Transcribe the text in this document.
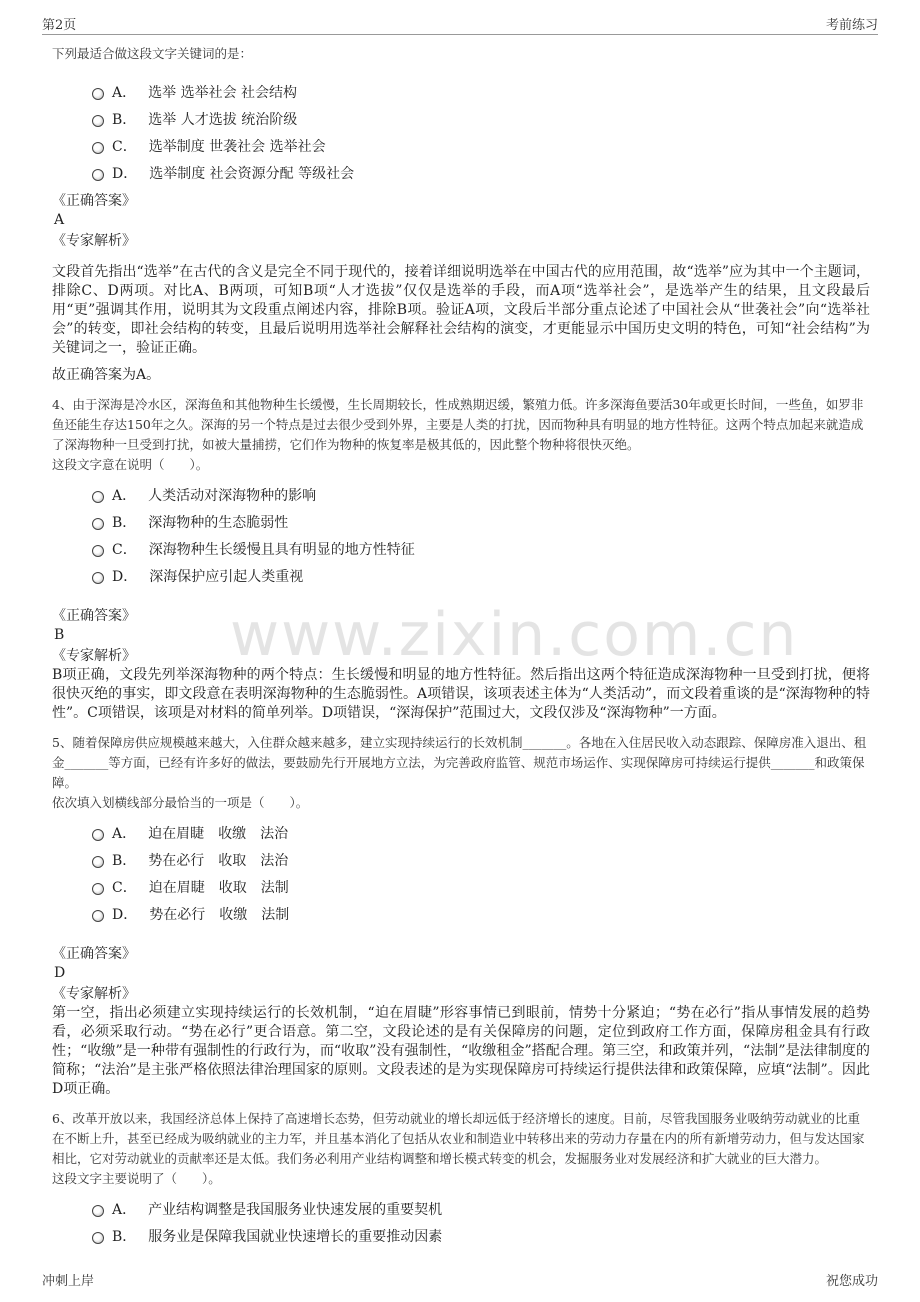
第2页	考前练习
www.zixin.com.cn
下列最适合做这段文字关键词的是：
A． 选举 选举社会 社会结构
B． 选举 人才选拔 统治阶级
C． 选举制度 世袭社会 选举社会
D． 选举制度 社会资源分配 等级社会
《正确答案》
A
《专家解析》
文段首先指出“选举”在古代的含义是完全不同于现代的，接着详细说明选举在中国古代的应用范围，故“选举”应为其中一个主题词，排除C、D两项。对比A、B两项，可知B项“人才选拔”仅仅是选举的手段，而A项“选举社会”，是选举产生的结果，且文段最后用“更”强调其作用，说明其为文段重点阐述内容，排除B项。验证A项，文段后半部分重点论述了中国社会从“世袭社会”向“选举社会”的转变，即社会结构的转变，且最后说明用选举社会解释社会结构的演变，才更能显示中国历史文明的特色，可知“社会结构”为关键词之一，验证正确。
故正确答案为A。
4、由于深海是冷水区，深海鱼和其他物种生长缓慢，生长周期较长，性成熟期迟缓，繁殖力低。许多深海鱼要活30年或更长时间，一些鱼，如罗非鱼还能生存达150年之久。深海的另一个特点是过去很少受到外界，主要是人类的打扰，因而物种具有明显的地方性特征。这两个特点加起来就造成了深海物种一旦受到打扰，如被大量捕捞，它们作为物种的恢复率是极其低的，因此整个物种将很快灭绝。
这段文字意在说明（　　）。
A． 人类活动对深海物种的影响
B． 深海物种的生态脆弱性
C． 深海物种生长缓慢且具有明显的地方性特征
D． 深海保护应引起人类重视
《正确答案》
B
《专家解析》
B项正确，文段先列举深海物种的两个特点：生长缓慢和明显的地方性特征。然后指出这两个特征造成深海物种一旦受到打扰，便将很快灭绝的事实，即文段意在表明深海物种的生态脆弱性。A项错误，该项表述主体为“人类活动”，而文段着重谈的是“深海物种的特性”。C项错误，该项是对材料的简单列举。D项错误，“深海保护”范围过大，文段仅涉及“深海物种”一方面。
5、随着保障房供应规模越来越大，入住群众越来越多，建立实现持续运行的长效机制_______。各地在入住居民收入动态跟踪、保障房准入退出、租金_______等方面，已经有许多好的做法，要鼓励先行开展地方立法，为完善政府监管、规范市场运作、实现保障房可持续运行提供_______和政策保障。
依次填入划横线部分最恰当的一项是（　　）。
A． 迫在眉睫　收缴　法治
B． 势在必行　收取　法治
C． 迫在眉睫　收取　法制
D． 势在必行　收缴　法制
《正确答案》
D
《专家解析》
第一空，指出必须建立实现持续运行的长效机制，“迫在眉睫”形容事情已到眼前，情势十分紧迫；“势在必行”指从事情发展的趋势看，必须采取行动。“势在必行”更合语意。第二空，文段论述的是有关保障房的问题，定位到政府工作方面，保障房租金具有行政性；“收缴”是一种带有强制性的行政行为，而“收取”没有强制性，“收缴租金”搭配合理。第三空，和政策并列，“法制”是法律制度的简称；“法治”是主张严格依照法律治理国家的原则。文段表述的是为实现保障房可持续运行提供法律和政策保障，应填“法制”。因此D项正确。
6、改革开放以来，我国经济总体上保持了高速增长态势，但劳动就业的增长却远低于经济增长的速度。目前，尽管我国服务业吸纳劳动就业的比重在不断上升，甚至已经成为吸纳就业的主力军，并且基本消化了包括从农业和制造业中转移出来的劳动力存量在内的所有新增劳动力，但与发达国家相比，它对劳动就业的贡献率还是太低。我们务必利用产业结构调整和增长模式转变的机会，发掘服务业对发展经济和扩大就业的巨大潜力。
这段文字主要说明了（　　）。
A． 产业结构调整是我国服务业快速发展的重要契机
B． 服务业是保障我国就业快速增长的重要推动因素
冲刺上岸	祝您成功
